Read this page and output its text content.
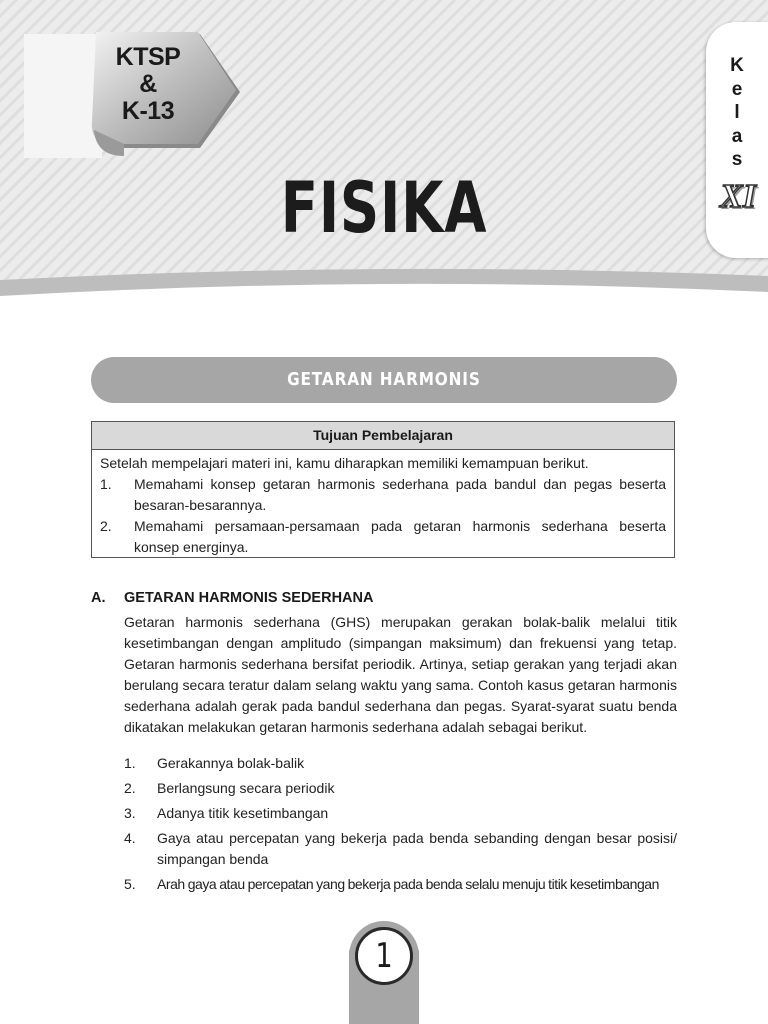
KTSP
&
K-13
FISIKA
K
e
l
a
s
XI
GETARAN HARMONIS
Tujuan Pembelajaran
Setelah mempelajari materi ini, kamu diharapkan memiliki kemampuan berikut.
1.	Memahami konsep getaran harmonis sederhana pada bandul dan pegas beserta besaran-besarannya.
2.	Memahami persamaan-persamaan pada getaran harmonis sederhana beserta konsep energinya.
A. GETARAN HARMONIS SEDERHANA
Getaran harmonis sederhana (GHS) merupakan gerakan bolak-balik melalui titik kesetimbangan dengan amplitudo (simpangan maksimum) dan frekuensi yang tetap. Getaran harmonis sederhana bersifat periodik. Artinya, setiap gerakan yang terjadi akan berulang secara teratur dalam selang waktu yang sama. Contoh kasus getaran harmonis sederhana adalah gerak pada bandul sederhana dan pegas. Syarat-syarat suatu benda dikatakan melakukan getaran harmonis sederhana adalah sebagai berikut.
1.	Gerakannya bolak-balik
2.	Berlangsung secara periodik
3.	Adanya titik kesetimbangan
4.	Gaya atau percepatan yang bekerja pada benda sebanding dengan besar posisi/ simpangan benda
5.	Arah gaya atau percepatan yang bekerja pada benda selalu menuju titik kesetimbangan
1
